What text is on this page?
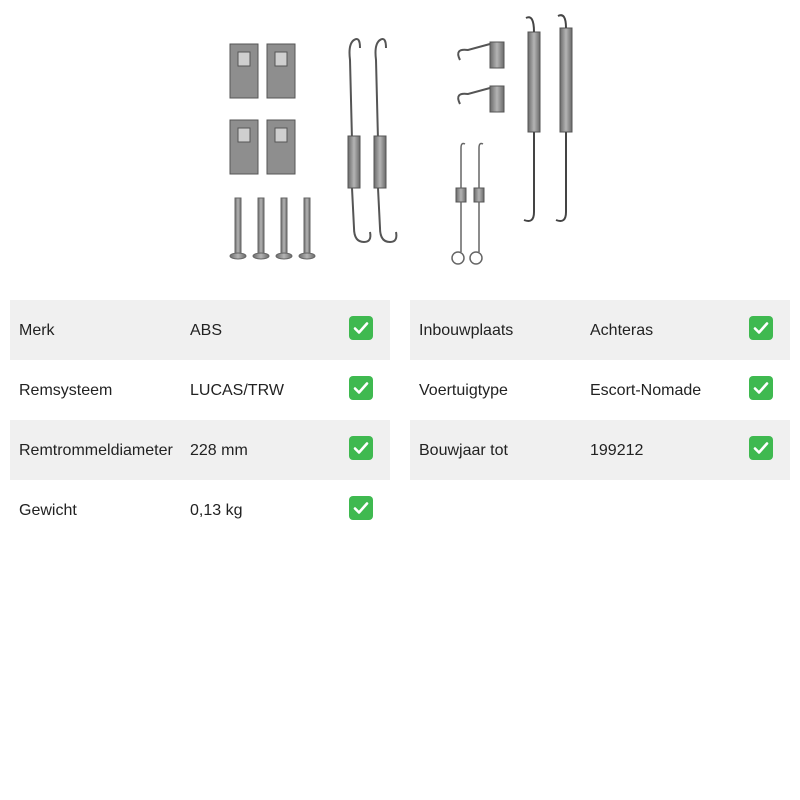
Merk	ABS
Remsysteem	LUCAS/TRW
Remtrommeldiameter 228 mm
Gewicht	0,13 kg
Inbouwplaats	Achteras
Voertuigtype	Escort-Nomade
Bouwjaar tot	199212
